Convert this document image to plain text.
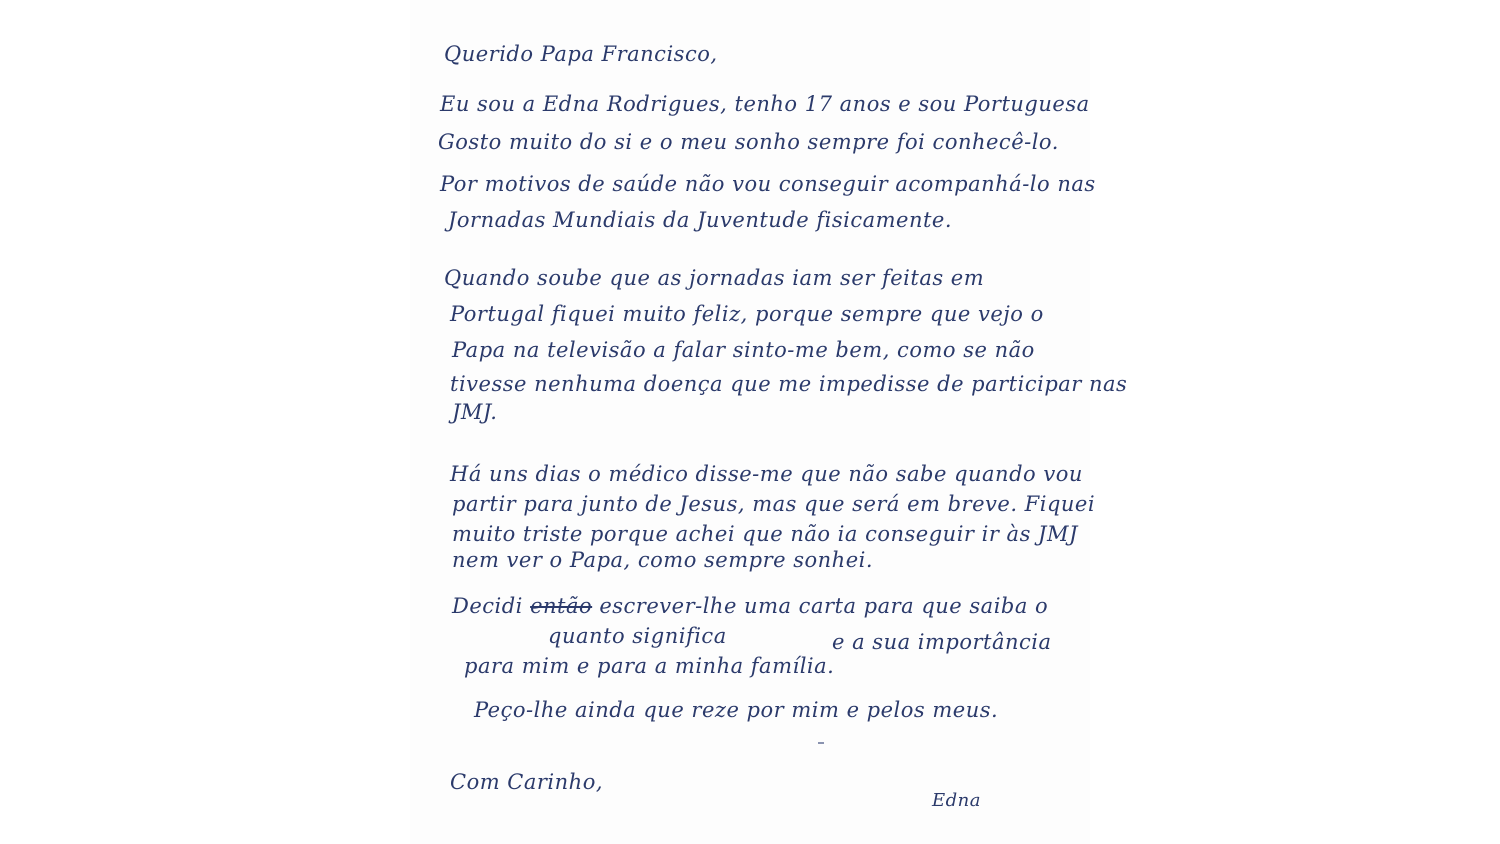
Querido Papa Francisco,
Eu sou a Edna Rodrigues, tenho 17 anos e sou Portuguesa
Gosto muito do si e o meu sonho sempre foi conhecê-lo.
Por motivos de saúde não vou conseguir acompanhá-lo nas
Jornadas Mundiais da Juventude fisicamente.
Quando soube que as jornadas iam ser feitas em
Portugal fiquei muito feliz, porque sempre que vejo o
Papa na televisão a falar sinto-me bem, como se não
tivesse nenhuma doença que me impedisse de participar nas
JMJ.
Há uns dias o médico disse-me que não sabe quando vou
partir para junto de Jesus, mas que será em breve. Fiquei
muito triste porque achei que não ia conseguir ir às JMJ
nem ver o Papa, como sempre sonhei.
Decidi então escrever-lhe uma carta para que saiba o
quanto significa	e a sua importância
para mim e para a minha família.
Peço-lhe ainda que reze por mim e pelos meus.
Com Carinho,
Edna
